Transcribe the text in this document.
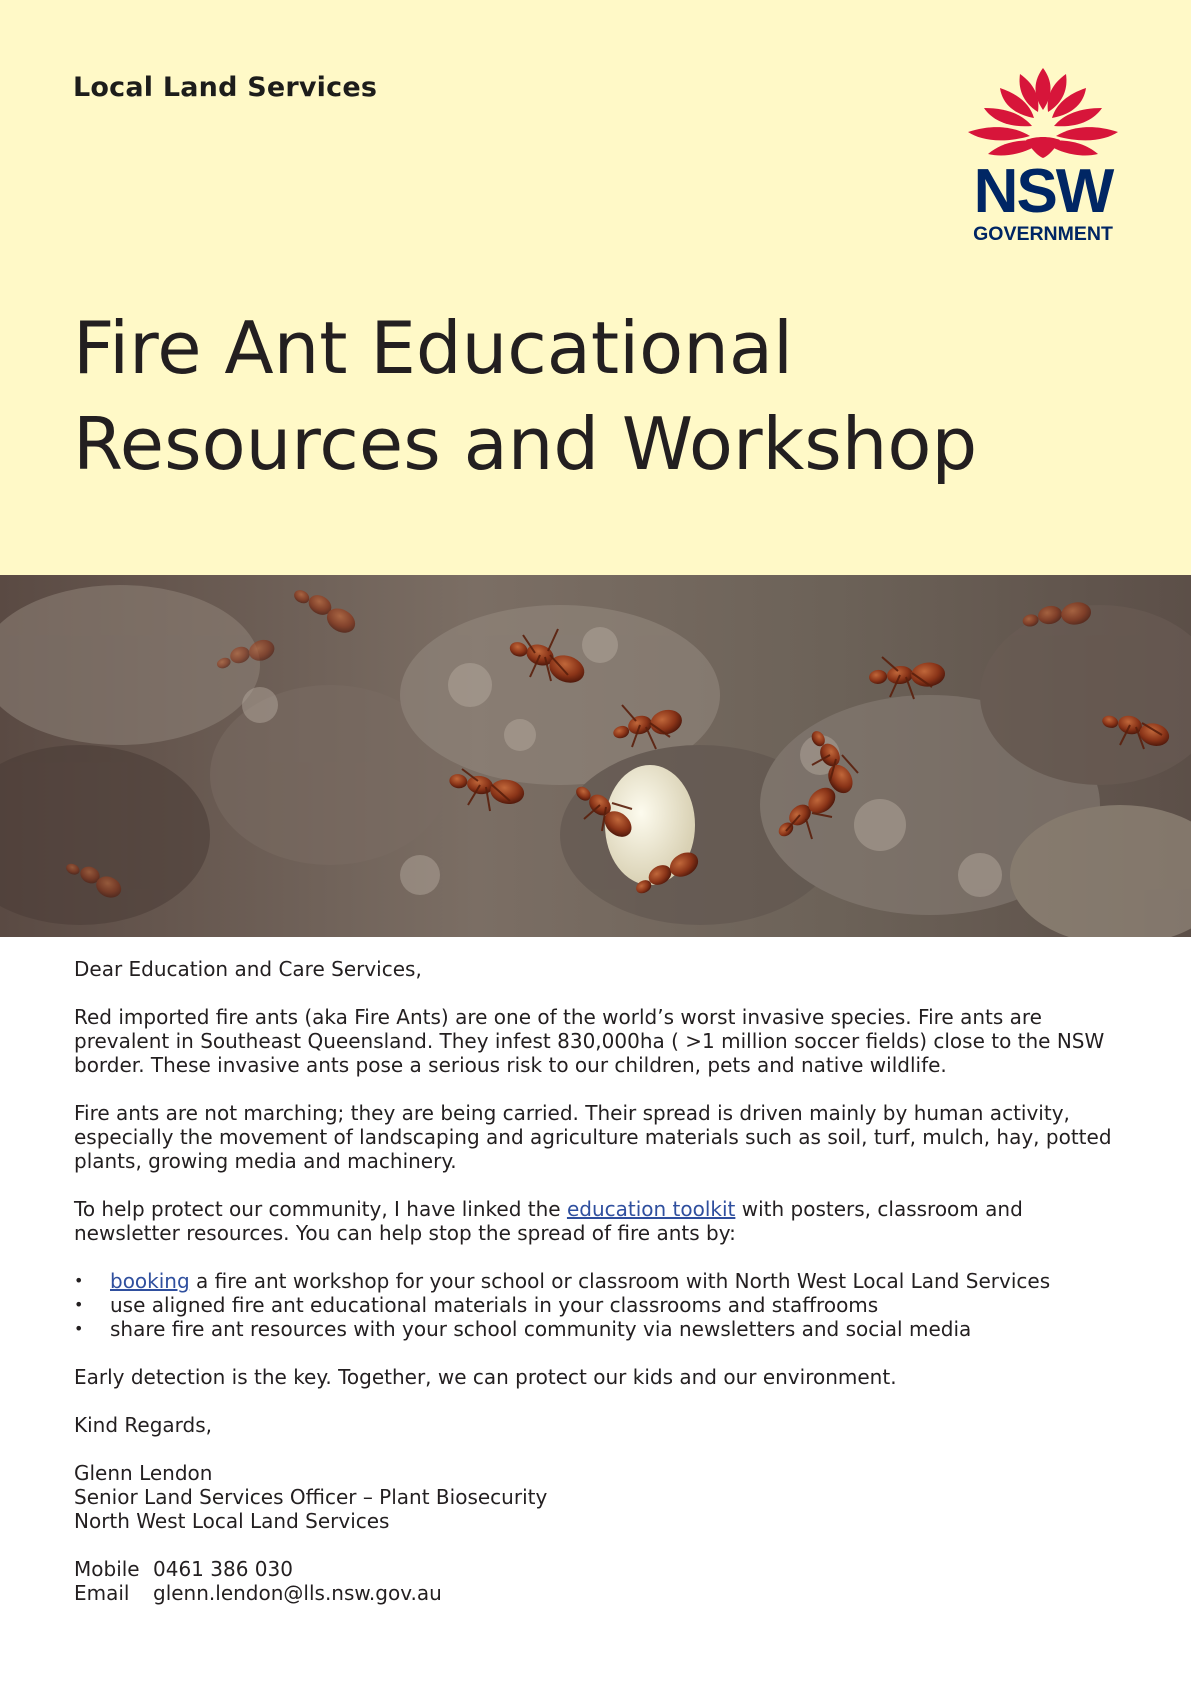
Local Land Services
NSW
GOVERNMENT
Fire Ant Educational
Resources and Workshop

Dear Education and Care Services,

Red imported fire ants (aka Fire Ants) are one of the world’s worst invasive species. Fire ants are prevalent in Southeast Queensland. They infest 830,000ha ( >1 million soccer fields) close to the NSW border. These invasive ants pose a serious risk to our children, pets and native wildlife.

Fire ants are not marching; they are being carried. Their spread is driven mainly by human activity, especially the movement of landscaping and agriculture materials such as soil, turf, mulch, hay, potted plants, growing media and machinery.

To help protect our community, I have linked the education toolkit with posters, classroom and newsletter resources. You can help stop the spread of fire ants by:

• booking a fire ant workshop for your school or classroom with North West Local Land Services
• use aligned fire ant educational materials in your classrooms and staffrooms
• share fire ant resources with your school community via newsletters and social media

Early detection is the key. Together, we can protect our kids and our environment.

Kind Regards,

Glenn Lendon
Senior Land Services Officer – Plant Biosecurity
North West Local Land Services
Mobile 0461 386 030
Email	glenn.lendon@lls.nsw.gov.au
